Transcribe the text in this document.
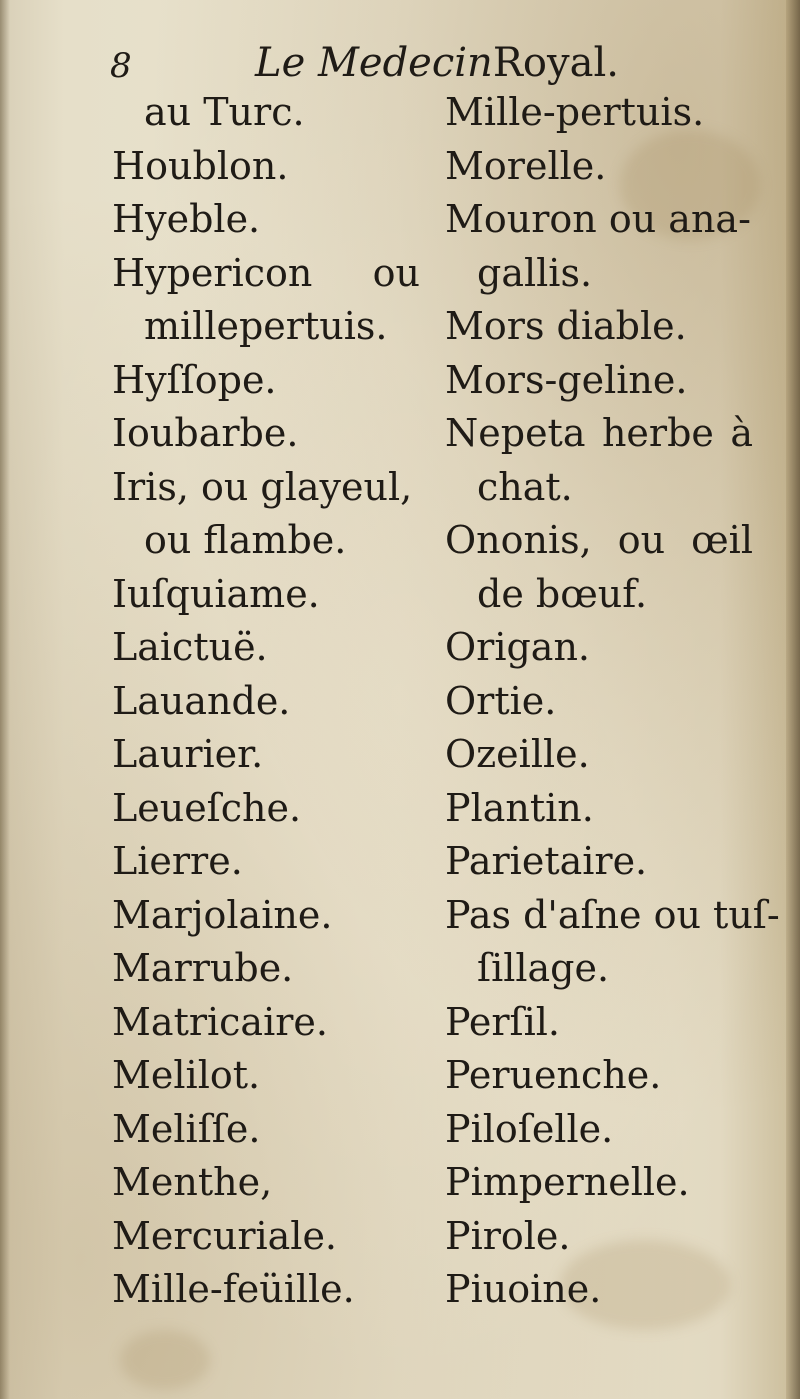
8	Le MedecinRoyal.
au Turc.
Houblon.
Hyeble.
Hypericon ou
millepertuis.
Hyſſope.
Ioubarbe.
Iris, ou glayeul,
ou flambe.
Iuſquiame.
Laictuë.
Lauande.
Laurier.
Leueſche.
Lierre.
Marjolaine.
Marrube.
Matricaire.
Melilot.
Meliſſe.
Menthe,
Mercuriale.
Mille-feüille.
Mille-pertuis.
Morelle.
Mouron ou ana-
gallis.
Mors diable.
Mors-geline.
Nepeta herbe à
chat.
Ononis, ou œil
de bœuf.
Origan.
Ortie.
Ozeille.
Plantin.
Parietaire.
Pas d'aſne ou tuſ-
ſillage.
Perſil.
Peruenche.
Piloſelle.
Pimpernelle.
Pirole.
Piuoine.
